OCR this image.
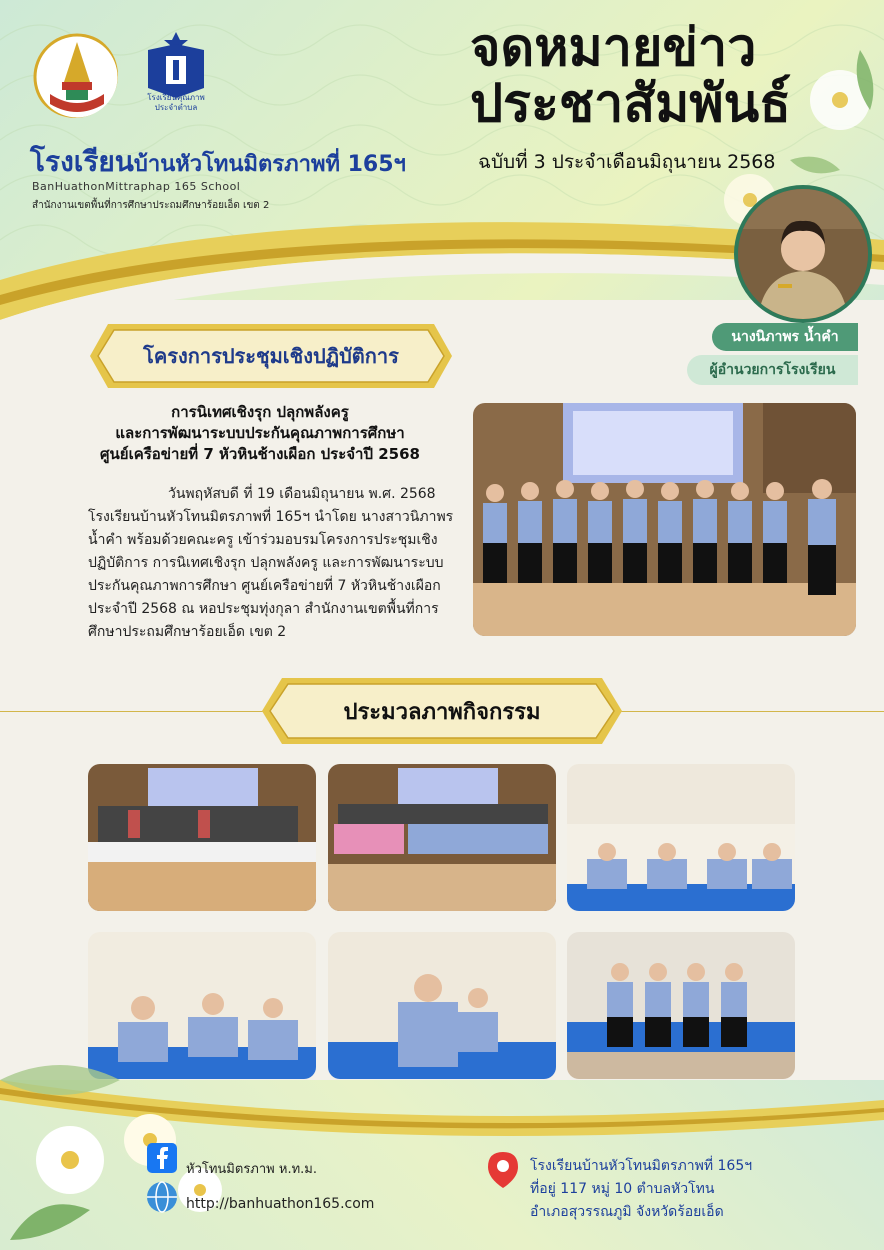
โรงเรียนคุณภาพ ประจำตำบล
โรงเรียนบ้านหัวโทนมิตรภาพที่ 165ฯ
BanHuathonMittraphap 165 School
สำนักงานเขตพื้นที่การศึกษาประถมศึกษาร้อยเอ็ด เขต 2
จดหมายข่าว
ประชาสัมพันธ์
ฉบับที่ 3 ประจำเดือนมิถุนายน 2568
นางนิภาพร น้ำคำ
ผู้อำนวยการโรงเรียน
โครงการประชุมเชิงปฏิบัติการ
การนิเทศเชิงรุก ปลุกพลังครู
และการพัฒนาระบบประกันคุณภาพการศึกษา
ศูนย์เครือข่ายที่ 7 หัวหินช้างเผือก ประจำปี 2568
วันพฤหัสบดี ที่ 19 เดือนมิถุนายน พ.ศ. 2568 โรงเรียนบ้านหัวโทนมิตรภาพที่ 165ฯ นำโดย นางสาวนิภาพร น้ำคำ พร้อมด้วยคณะครู เข้าร่วมอบรมโครงการประชุมเชิงปฏิบัติการ การนิเทศเชิงรุก ปลุกพลังครู และการพัฒนาระบบประกันคุณภาพการศึกษา ศูนย์เครือข่ายที่ 7 หัวหินช้างเผือก ประจำปี 2568 ณ หอประชุมทุ่งกุลา สำนักงานเขตพื้นที่การศึกษาประถมศึกษาร้อยเอ็ด เขต 2
ประมวลภาพกิจกรรม
หัวโทนมิตรภาพ ห.ท.ม.
http://banhuathon165.com
โรงเรียนบ้านหัวโทนมิตรภาพที่ 165ฯ
ที่อยู่ 117 หมู่ 10 ตำบลหัวโทน
อำเภอสุวรรณภูมิ จังหวัดร้อยเอ็ด
